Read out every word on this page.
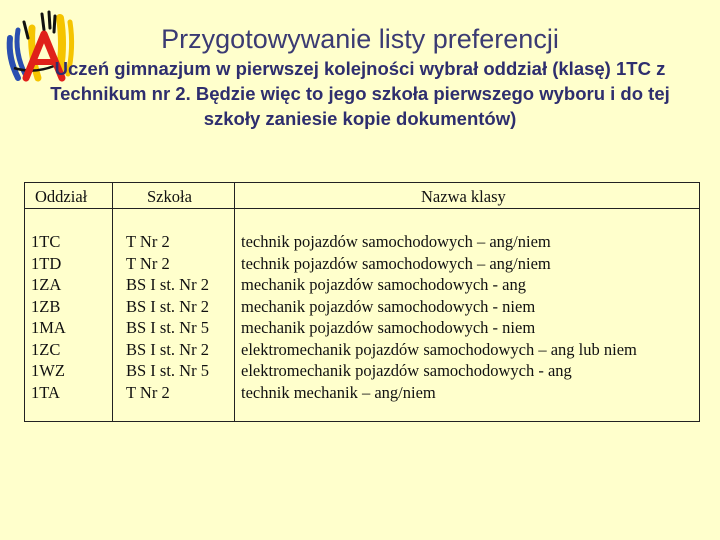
Przygotowywanie listy preferencji
Uczeń gimnazjum w pierwszej kolejności wybrał oddział (klasę) 1TC z Technikum nr 2. Będzie więc to jego szkoła pierwszego wyboru i do tej szkoły zaniesie kopie dokumentów)
Oddział	Szkoła	Nazwa klasy
1TC
1TD
1ZA
1ZB
1MA
1ZC
1WZ
1TA
T Nr 2
T Nr 2
BS I st. Nr 2
BS I st. Nr 2
BS I st. Nr 5
BS I st. Nr 2
BS I st. Nr 5
T Nr 2
technik pojazdów samochodowych – ang/niem
technik pojazdów samochodowych – ang/niem
mechanik pojazdów samochodowych - ang
mechanik pojazdów samochodowych - niem
mechanik pojazdów samochodowych - niem
elektromechanik pojazdów samochodowych – ang lub niem
elektromechanik pojazdów samochodowych - ang
technik mechanik – ang/niem
